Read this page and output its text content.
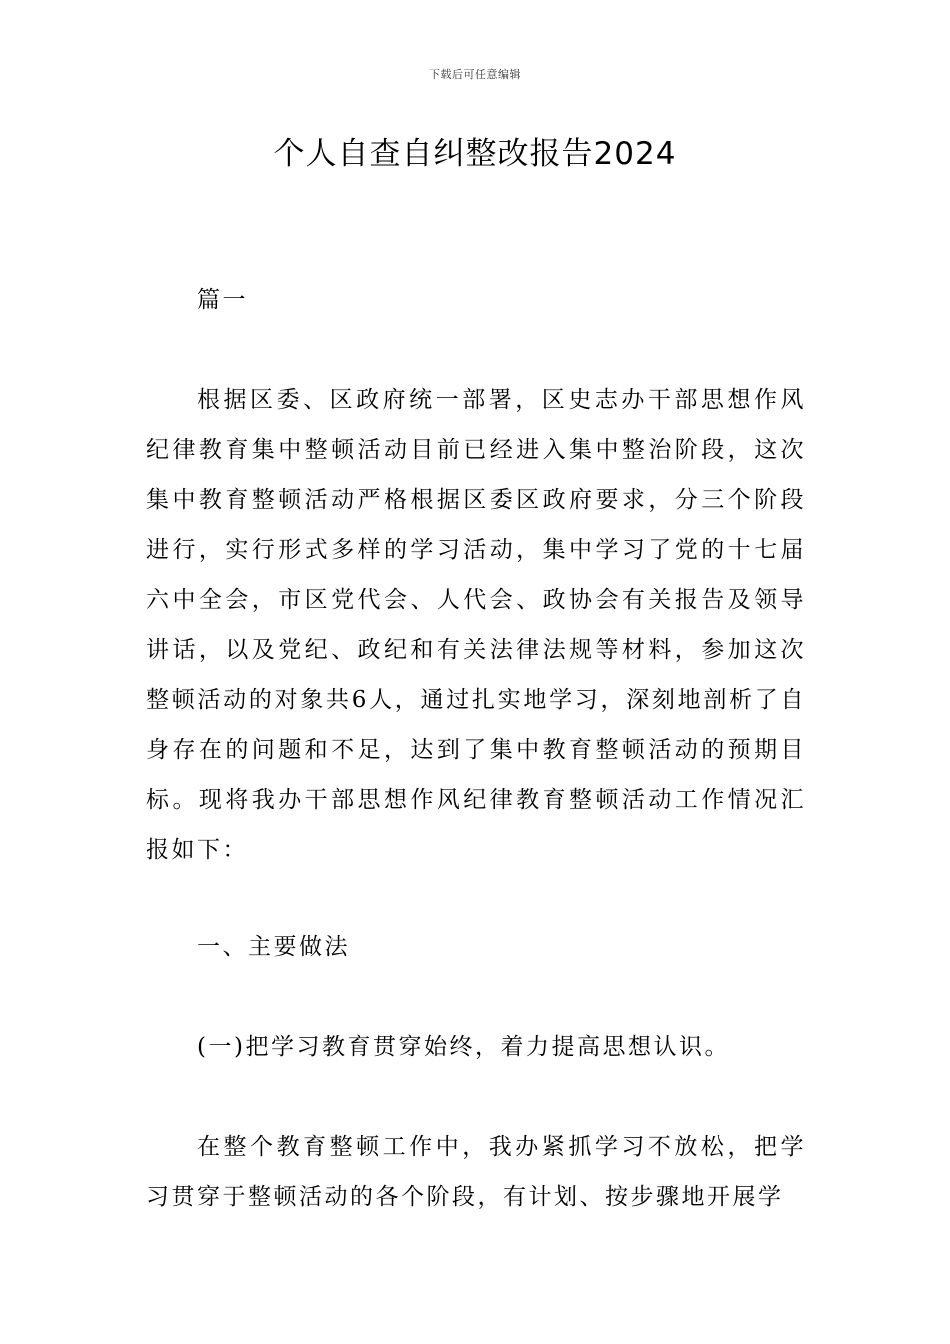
下载后可任意编辑
个人自查自纠整改报告2024

篇一

根据区委、区政府统一部署，区史志办干部思想作风纪律教育集中整顿活动目前已经进入集中整治阶段，这次集中教育整顿活动严格根据区委区政府要求，分三个阶段进行，实行形式多样的学习活动，集中学习了党的十七届六中全会，市区党代会、人代会、政协会有关报告及领导讲话，以及党纪、政纪和有关法律法规等材料，参加这次整顿活动的对象共6人，通过扎实地学习，深刻地剖析了自身存在的问题和不足，达到了集中教育整顿活动的预期目标。现将我办干部思想作风纪律教育整顿活动工作情况汇报如下：

一、主要做法

(一)把学习教育贯穿始终，着力提高思想认识。

在整个教育整顿工作中，我办紧抓学习不放松，把学习贯穿于整顿活动的各个阶段，有计划、按步骤地开展学
